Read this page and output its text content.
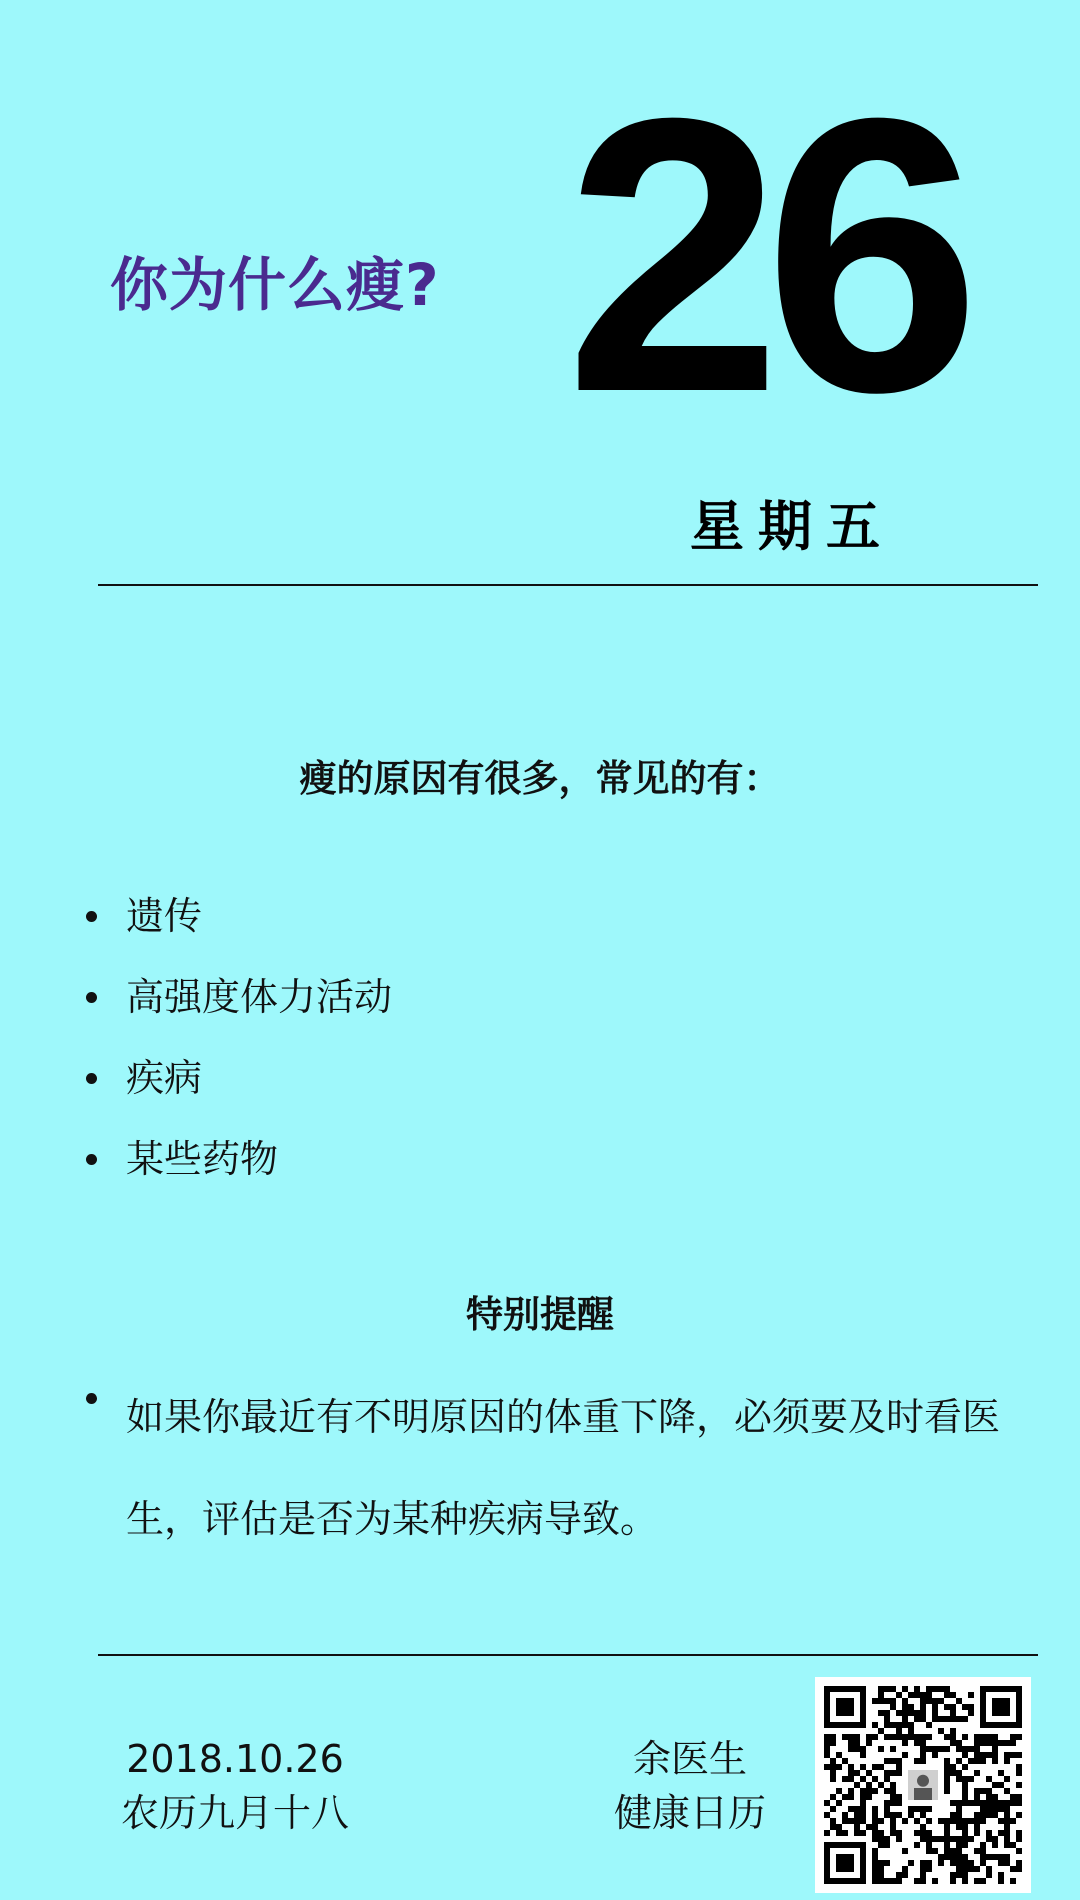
你为什么瘦? 26
星期五
瘦的原因有很多，常见的有：
遗传
高强度体力活动
疾病
某些药物
特别提醒
如果你最近有不明原因的体重下降，必须要及时看医生，评估是否为某种疾病导致。
2018.10.26
农历九月十八
余医生
健康日历
